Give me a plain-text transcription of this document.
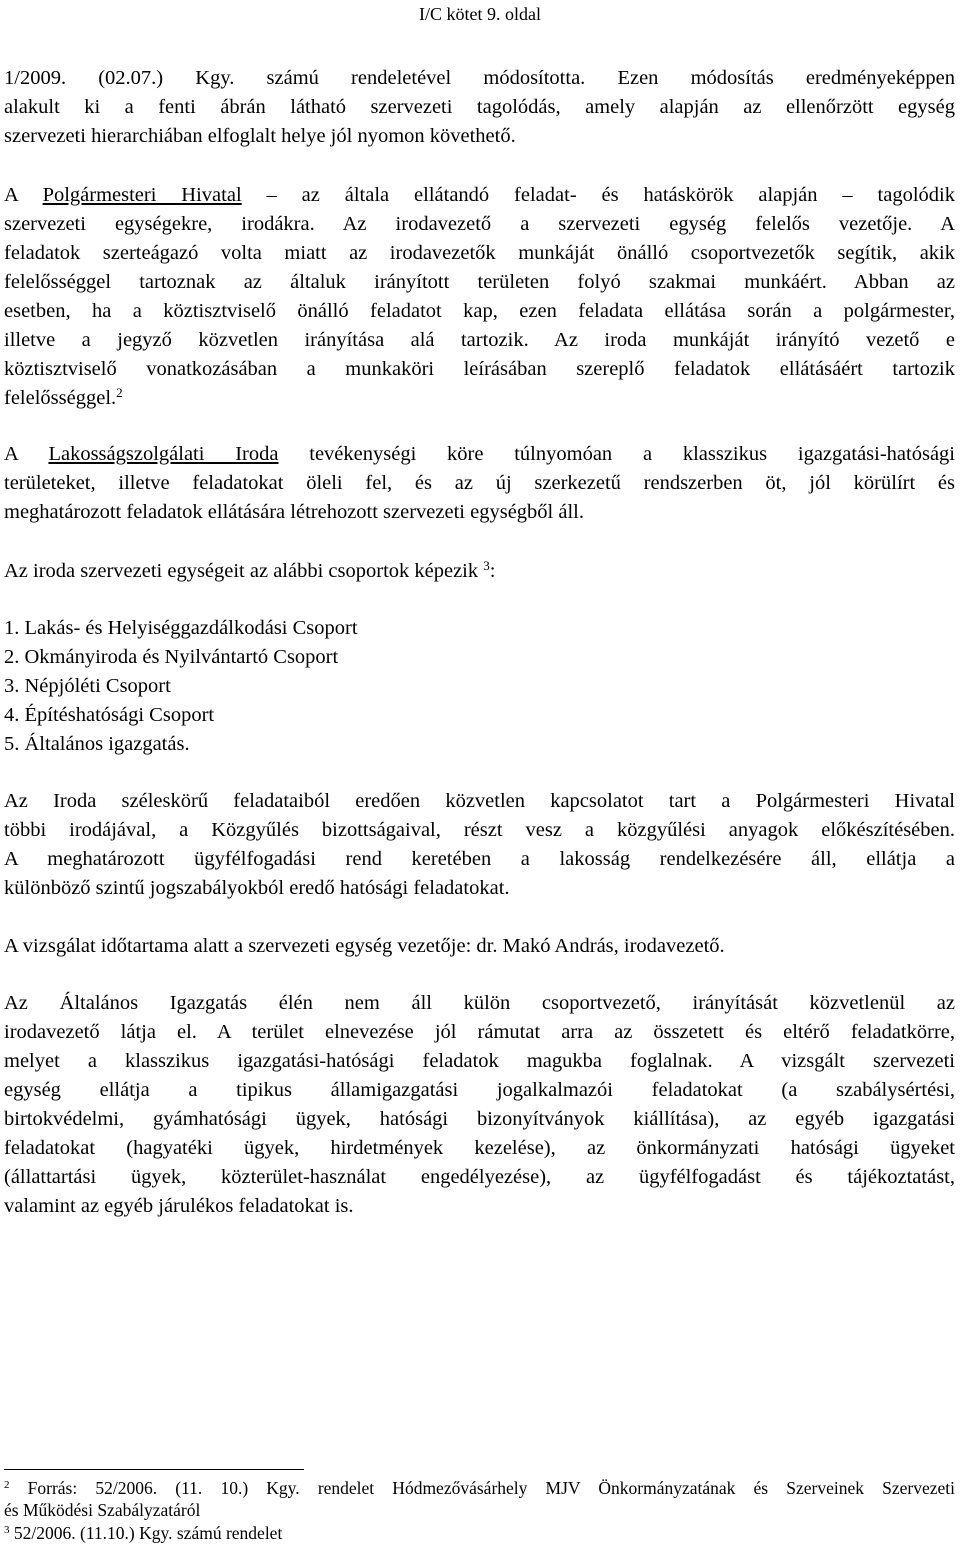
I/C kötet 9. oldal
1/2009. (02.07.) Kgy. számú rendeletével módosította. Ezen módosítás eredményeképpen
alakult ki a fenti ábrán látható szervezeti tagolódás, amely alapján az ellenőrzött egység
szervezeti hierarchiában elfoglalt helye jól nyomon követhető.
A Polgármesteri Hivatal – az általa ellátandó feladat- és hatáskörök alapján – tagolódik
szervezeti egységekre, irodákra. Az irodavezető a szervezeti egység felelős vezetője. A
feladatok szerteágazó volta miatt az irodavezetők munkáját önálló csoportvezetők segítik, akik
felelősséggel tartoznak az általuk irányított területen folyó szakmai munkáért. Abban az
esetben, ha a köztisztviselő önálló feladatot kap, ezen feladata ellátása során a polgármester,
illetve a jegyző közvetlen irányítása alá tartozik. Az iroda munkáját irányító vezető e
köztisztviselő vonatkozásában a munkaköri leírásában szereplő feladatok ellátásáért tartozik
felelősséggel.$^2$
A Lakosságszolgálati Iroda tevékenységi köre túlnyomóan a klasszikus igazgatási-hatósági
területeket, illetve feladatokat öleli fel, és az új szerkezetű rendszerben öt, jól körülírt és
meghatározott feladatok ellátására létrehozott szervezeti egységből áll.
Az iroda szervezeti egységeit az alábbi csoportok képezik $^3$:
1. Lakás- és Helyiséggazdálkodási Csoport
2. Okmányiroda és Nyilvántartó Csoport
3. Népjóléti Csoport
4. Építéshatósági Csoport
5. Általános igazgatás.
Az Iroda széleskörű feladataiból eredően közvetlen kapcsolatot tart a Polgármesteri Hivatal
többi irodájával, a Közgyűlés bizottságaival, részt vesz a közgyűlési anyagok előkészítésében.
A meghatározott ügyfélfogadási rend keretében a lakosság rendelkezésére áll, ellátja a
különböző szintű jogszabályokból eredő hatósági feladatokat.
A vizsgálat időtartama alatt a szervezeti egység vezetője: dr. Makó András, irodavezető.
Az Általános Igazgatás élén nem áll külön csoportvezető, irányítását közvetlenül az
irodavezető látja el. A terület elnevezése jól rámutat arra az összetett és eltérő feladatkörre,
melyet a klasszikus igazgatási-hatósági feladatok magukba foglalnak. A vizsgált szervezeti
egység ellátja a tipikus államigazgatási jogalkalmazói feladatokat (a szabálysértési,
birtokvédelmi, gyámhatósági ügyek, hatósági bizonyítványok kiállítása), az egyéb igazgatási
feladatokat (hagyatéki ügyek, hirdetmények kezelése), az önkormányzati hatósági ügyeket
(állattartási ügyek, közterület-használat engedélyezése), az ügyfélfogadást és tájékoztatást,
valamint az egyéb járulékos feladatokat is.
$^2$ Forrás: 52/2006. (11. 10.) Kgy. rendelet Hódmezővásárhely MJV Önkormányzatának és Szerveinek Szervezeti
és Működési Szabályzatáról
$^3$ 52/2006. (11.10.) Kgy. számú rendelet
